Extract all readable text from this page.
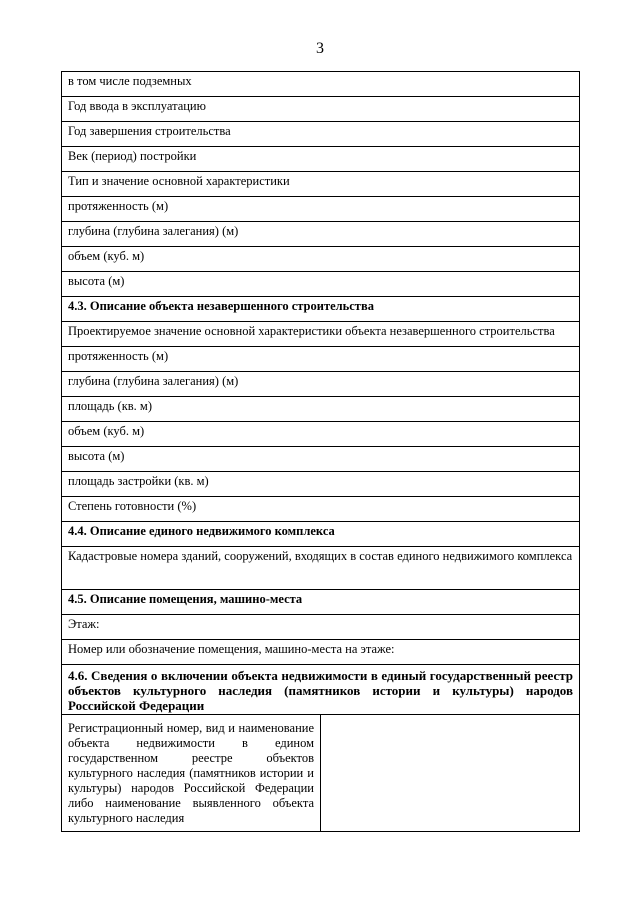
3
в том числе подземных
Год ввода в эксплуатацию
Год завершения строительства
Век (период) постройки
Тип и значение основной характеристики
протяженность (м)
глубина (глубина залегания) (м)
объем (куб. м)
высота (м)
4.3. Описание объекта незавершенного строительства
Проектируемое значение основной характеристики объекта незавершенного строительства
протяженность (м)
глубина (глубина залегания) (м)
площадь (кв. м)
объем (куб. м)
высота (м)
площадь застройки (кв. м)
Степень готовности (%)
4.4. Описание единого недвижимого комплекса
Кадастровые номера зданий, сооружений, входящих в состав единого недвижимого комплекса
4.5. Описание помещения, машино-места
Этаж:
Номер или обозначение помещения, машино-места на этаже:
4.6. Сведения о включении объекта недвижимости в единый государственный реестр объектов культурного наследия (памятников истории и культуры) народов Российской Федерации
Регистрационный номер, вид и наименование объекта недвижимости в едином государственном реестре объектов культурного наследия (памятников истории и культуры) народов Российской Федерации либо наименование выявленного объекта культурного наследия	
